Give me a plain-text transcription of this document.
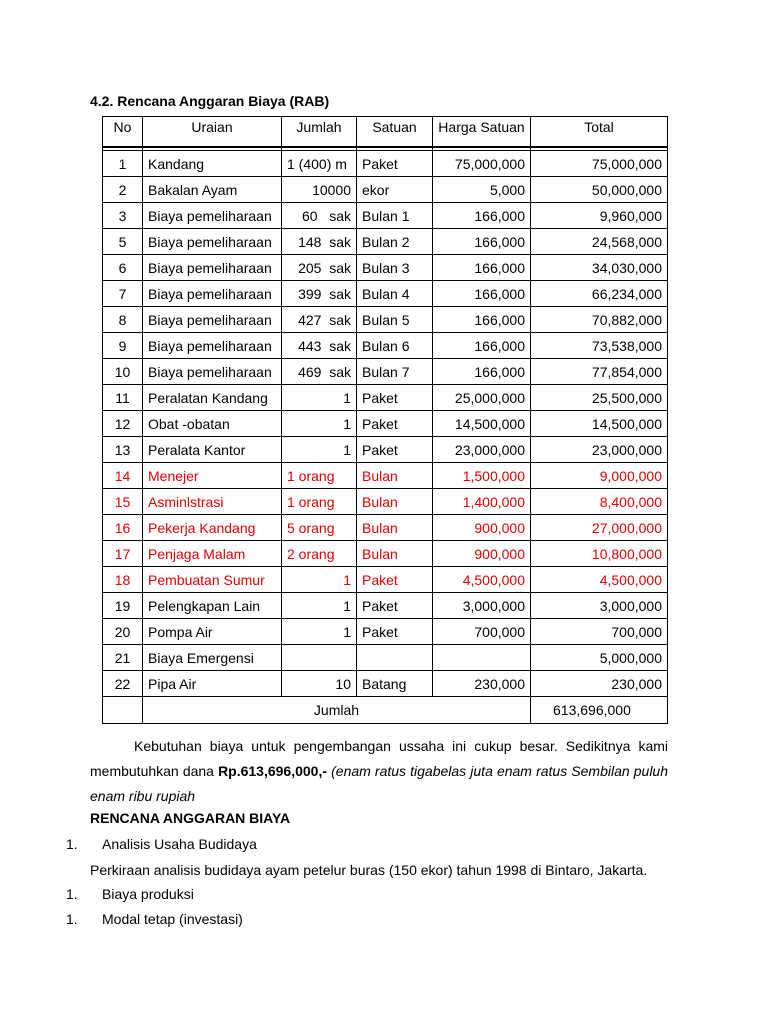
4.2. Rencana Anggaran Biaya (RAB)
No	Uraian	Jumlah	Satuan	Harga Satuan	Total

1	Kandang	1 (400) m	Paket	75,000,000	75,000,000
2	Bakalan Ayam	10000	ekor	5,000	50,000,000
3	Biaya pemeliharaan	60   sak	Bulan 1	166,000	9,960,000
5	Biaya pemeliharaan	148  sak	Bulan 2	166,000	24,568,000
6	Biaya pemeliharaan	205  sak	Bulan 3	166,000	34,030,000
7	Biaya pemeliharaan	399  sak	Bulan 4	166,000	66,234,000
8	Biaya pemeliharaan	427  sak	Bulan 5	166,000	70,882,000
9	Biaya pemeliharaan	443  sak	Bulan 6	166,000	73,538,000
10	Biaya pemeliharaan	469  sak	Bulan 7	166,000	77,854,000
11	Peralatan Kandang	1	Paket	25,000,000	25,500,000
12	Obat -obatan	1	Paket	14,500,000	14,500,000
13	Peralata Kantor	1	Paket	23,000,000	23,000,000
14	Menejer	1 orang	Bulan	1,500,000	9,000,000
15	Asminlstrasi	1 orang	Bulan	1,400,000	8,400,000
16	Pekerja Kandang	5 orang	Bulan	900,000	27,000,000
17	Penjaga Malam	2 orang	Bulan	900,000	10,800,000
18	Pembuatan Sumur	1	Paket	4,500,000	4,500,000
19	Pelengkapan Lain	1	Paket	3,000,000	3,000,000
20	Pompa Air	1	Paket	700,000	700,000
21	Biaya Emergensi				5,000,000
22	Pipa Air	10	Batang	230,000	230,000
	Jumlah				613,696,000
Kebutuhan biaya untuk pengembangan ussaha ini cukup besar. Sedikitnya kami membutuhkan dana Rp.613,696,000,- (enam ratus tigabelas juta enam ratus Sembilan puluh enam ribu rupiah
RENCANA ANGGARAN BIAYA
1. Analisis Usaha Budidaya
Perkiraan analisis budidaya ayam petelur buras (150 ekor) tahun 1998 di Bintaro, Jakarta.
1. Biaya produksi
1. Modal tetap (investasi)
